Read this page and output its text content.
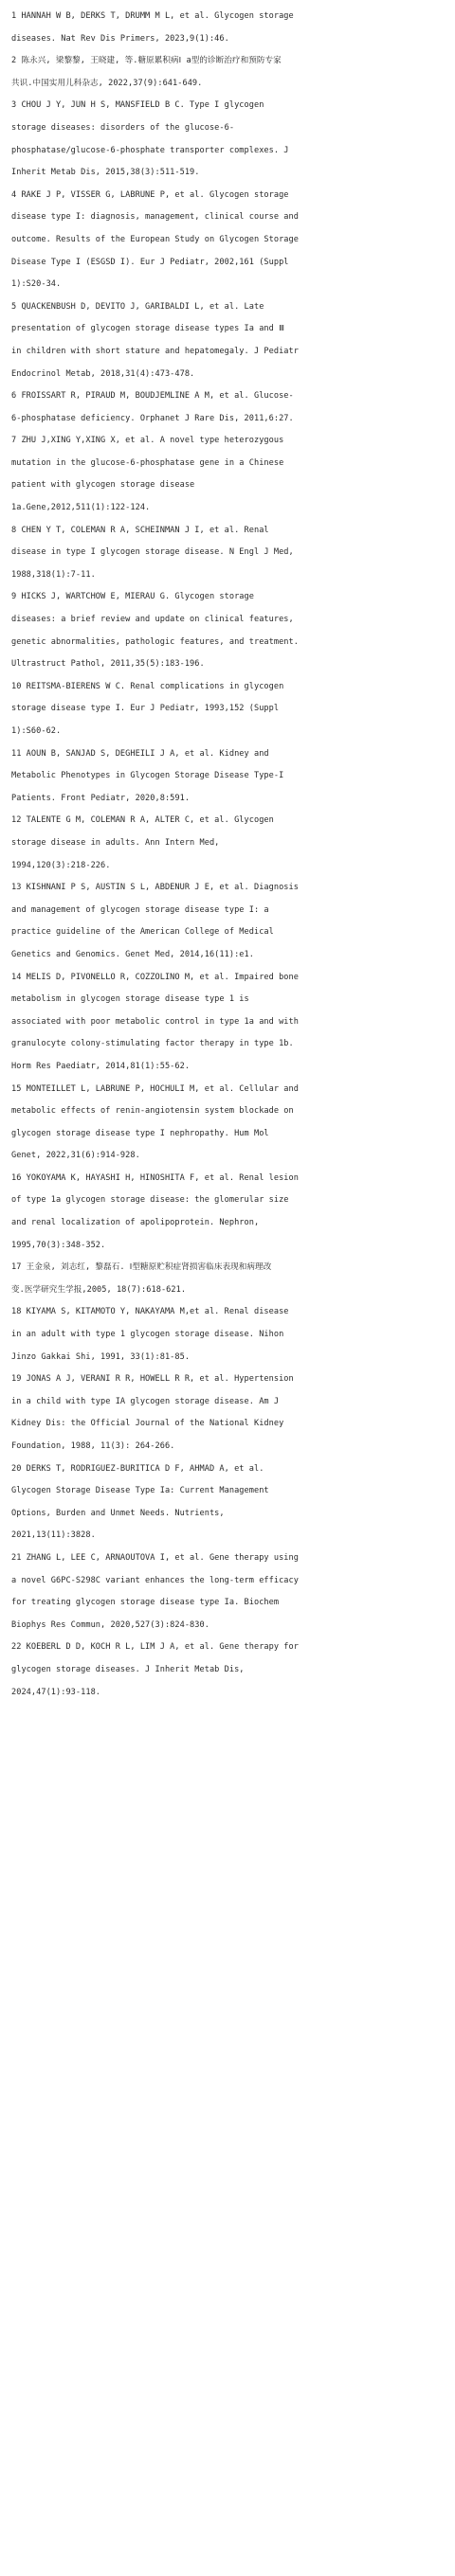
1 HANNAH W B, DERKS T, DRUMM M L, et al. Glycogen storage
diseases. Nat Rev Dis Primers, 2023,9(1):46.
2 陈永兴, 梁黎黎, 王晓建, 等.糖原累积病Ⅰ a型的诊断治疗和预防专家
共识.中国实用儿科杂志, 2022,37(9):641-649.
3 CHOU J Y, JUN H S, MANSFIELD B C. Type I glycogen
storage diseases: disorders of the glucose-6-
phosphatase/glucose-6-phosphate transporter complexes. J
Inherit Metab Dis, 2015,38(3):511-519.
4 RAKE J P, VISSER G, LABRUNE P, et al. Glycogen storage
disease type I: diagnosis, management, clinical course and
outcome. Results of the European Study on Glycogen Storage
Disease Type I (ESGSD I). Eur J Pediatr, 2002,161 (Suppl
1):S20-34.
5 QUACKENBUSH D, DEVITO J, GARIBALDI L, et al. Late
presentation of glycogen storage disease types Ia and Ⅲ
in children with short stature and hepatomegaly. J Pediatr
Endocrinol Metab, 2018,31(4):473-478.
6 FROISSART R, PIRAUD M, BOUDJEMLINE A M, et al. Glucose-
6-phosphatase deficiency. Orphanet J Rare Dis, 2011,6:27.
7 ZHU J,XING Y,XING X, et al. A novel type heterozygous
mutation in the glucose-6-phosphatase gene in a Chinese
patient with glycogen storage disease
1a.Gene,2012,511(1):122-124.
8 CHEN Y T, COLEMAN R A, SCHEINMAN J I, et al. Renal
disease in type I glycogen storage disease. N Engl J Med,
1988,318(1):7-11.
9 HICKS J, WARTCHOW E, MIERAU G. Glycogen storage
diseases: a brief review and update on clinical features,
genetic abnormalities, pathologic features, and treatment.
Ultrastruct Pathol, 2011,35(5):183-196.
10 REITSMA-BIERENS W C. Renal complications in glycogen
storage disease type I. Eur J Pediatr, 1993,152 (Suppl
1):S60-62.
11 AOUN B, SANJAD S, DEGHEILI J A, et al. Kidney and
Metabolic Phenotypes in Glycogen Storage Disease Type-I
Patients. Front Pediatr, 2020,8:591.
12 TALENTE G M, COLEMAN R A, ALTER C, et al. Glycogen
storage disease in adults. Ann Intern Med,
1994,120(3):218-226.
13 KISHNANI P S, AUSTIN S L, ABDENUR J E, et al. Diagnosis
and management of glycogen storage disease type I: a
practice guideline of the American College of Medical
Genetics and Genomics. Genet Med, 2014,16(11):e1.
14 MELIS D, PIVONELLO R, COZZOLINO M, et al. Impaired bone
metabolism in glycogen storage disease type 1 is
associated with poor metabolic control in type 1a and with
granulocyte colony-stimulating factor therapy in type 1b.
Horm Res Paediatr, 2014,81(1):55-62.
15 MONTEILLET L, LABRUNE P, HOCHULI M, et al. Cellular and
metabolic effects of renin-angiotensin system blockade on
glycogen storage disease type I nephropathy. Hum Mol
Genet, 2022,31(6):914-928.
16 YOKOYAMA K, HAYASHI H, HINOSHITA F, et al. Renal lesion
of type 1a glycogen storage disease: the glomerular size
and renal localization of apolipoprotein. Nephron,
1995,70(3):348-352.
17 王金泉, 刘志红, 黎磊石. Ⅰ型糖原贮积症肾损害临床表现和病理改
变.医学研究生学报,2005, 18(7):618-621.
18 KIYAMA S, KITAMOTO Y, NAKAYAMA M,et al. Renal disease
in an adult with type 1 glycogen storage disease. Nihon
Jinzo Gakkai Shi, 1991, 33(1):81-85.
19 JONAS A J, VERANI R R, HOWELL R R, et al. Hypertension
in a child with type IA glycogen storage disease. Am J
Kidney Dis: the Official Journal of the National Kidney
Foundation, 1988, 11(3): 264-266.
20 DERKS T, RODRIGUEZ-BURITICA D F, AHMAD A, et al.
Glycogen Storage Disease Type Ia: Current Management
Options, Burden and Unmet Needs. Nutrients,
2021,13(11):3828.
21 ZHANG L, LEE C, ARNAOUTOVA I, et al. Gene therapy using
a novel G6PC-S298C variant enhances the long-term efficacy
for treating glycogen storage disease type Ia. Biochem
Biophys Res Commun, 2020,527(3):824-830.
22 KOEBERL D D, KOCH R L, LIM J A, et al. Gene therapy for
glycogen storage diseases. J Inherit Metab Dis,
2024,47(1):93-118.
